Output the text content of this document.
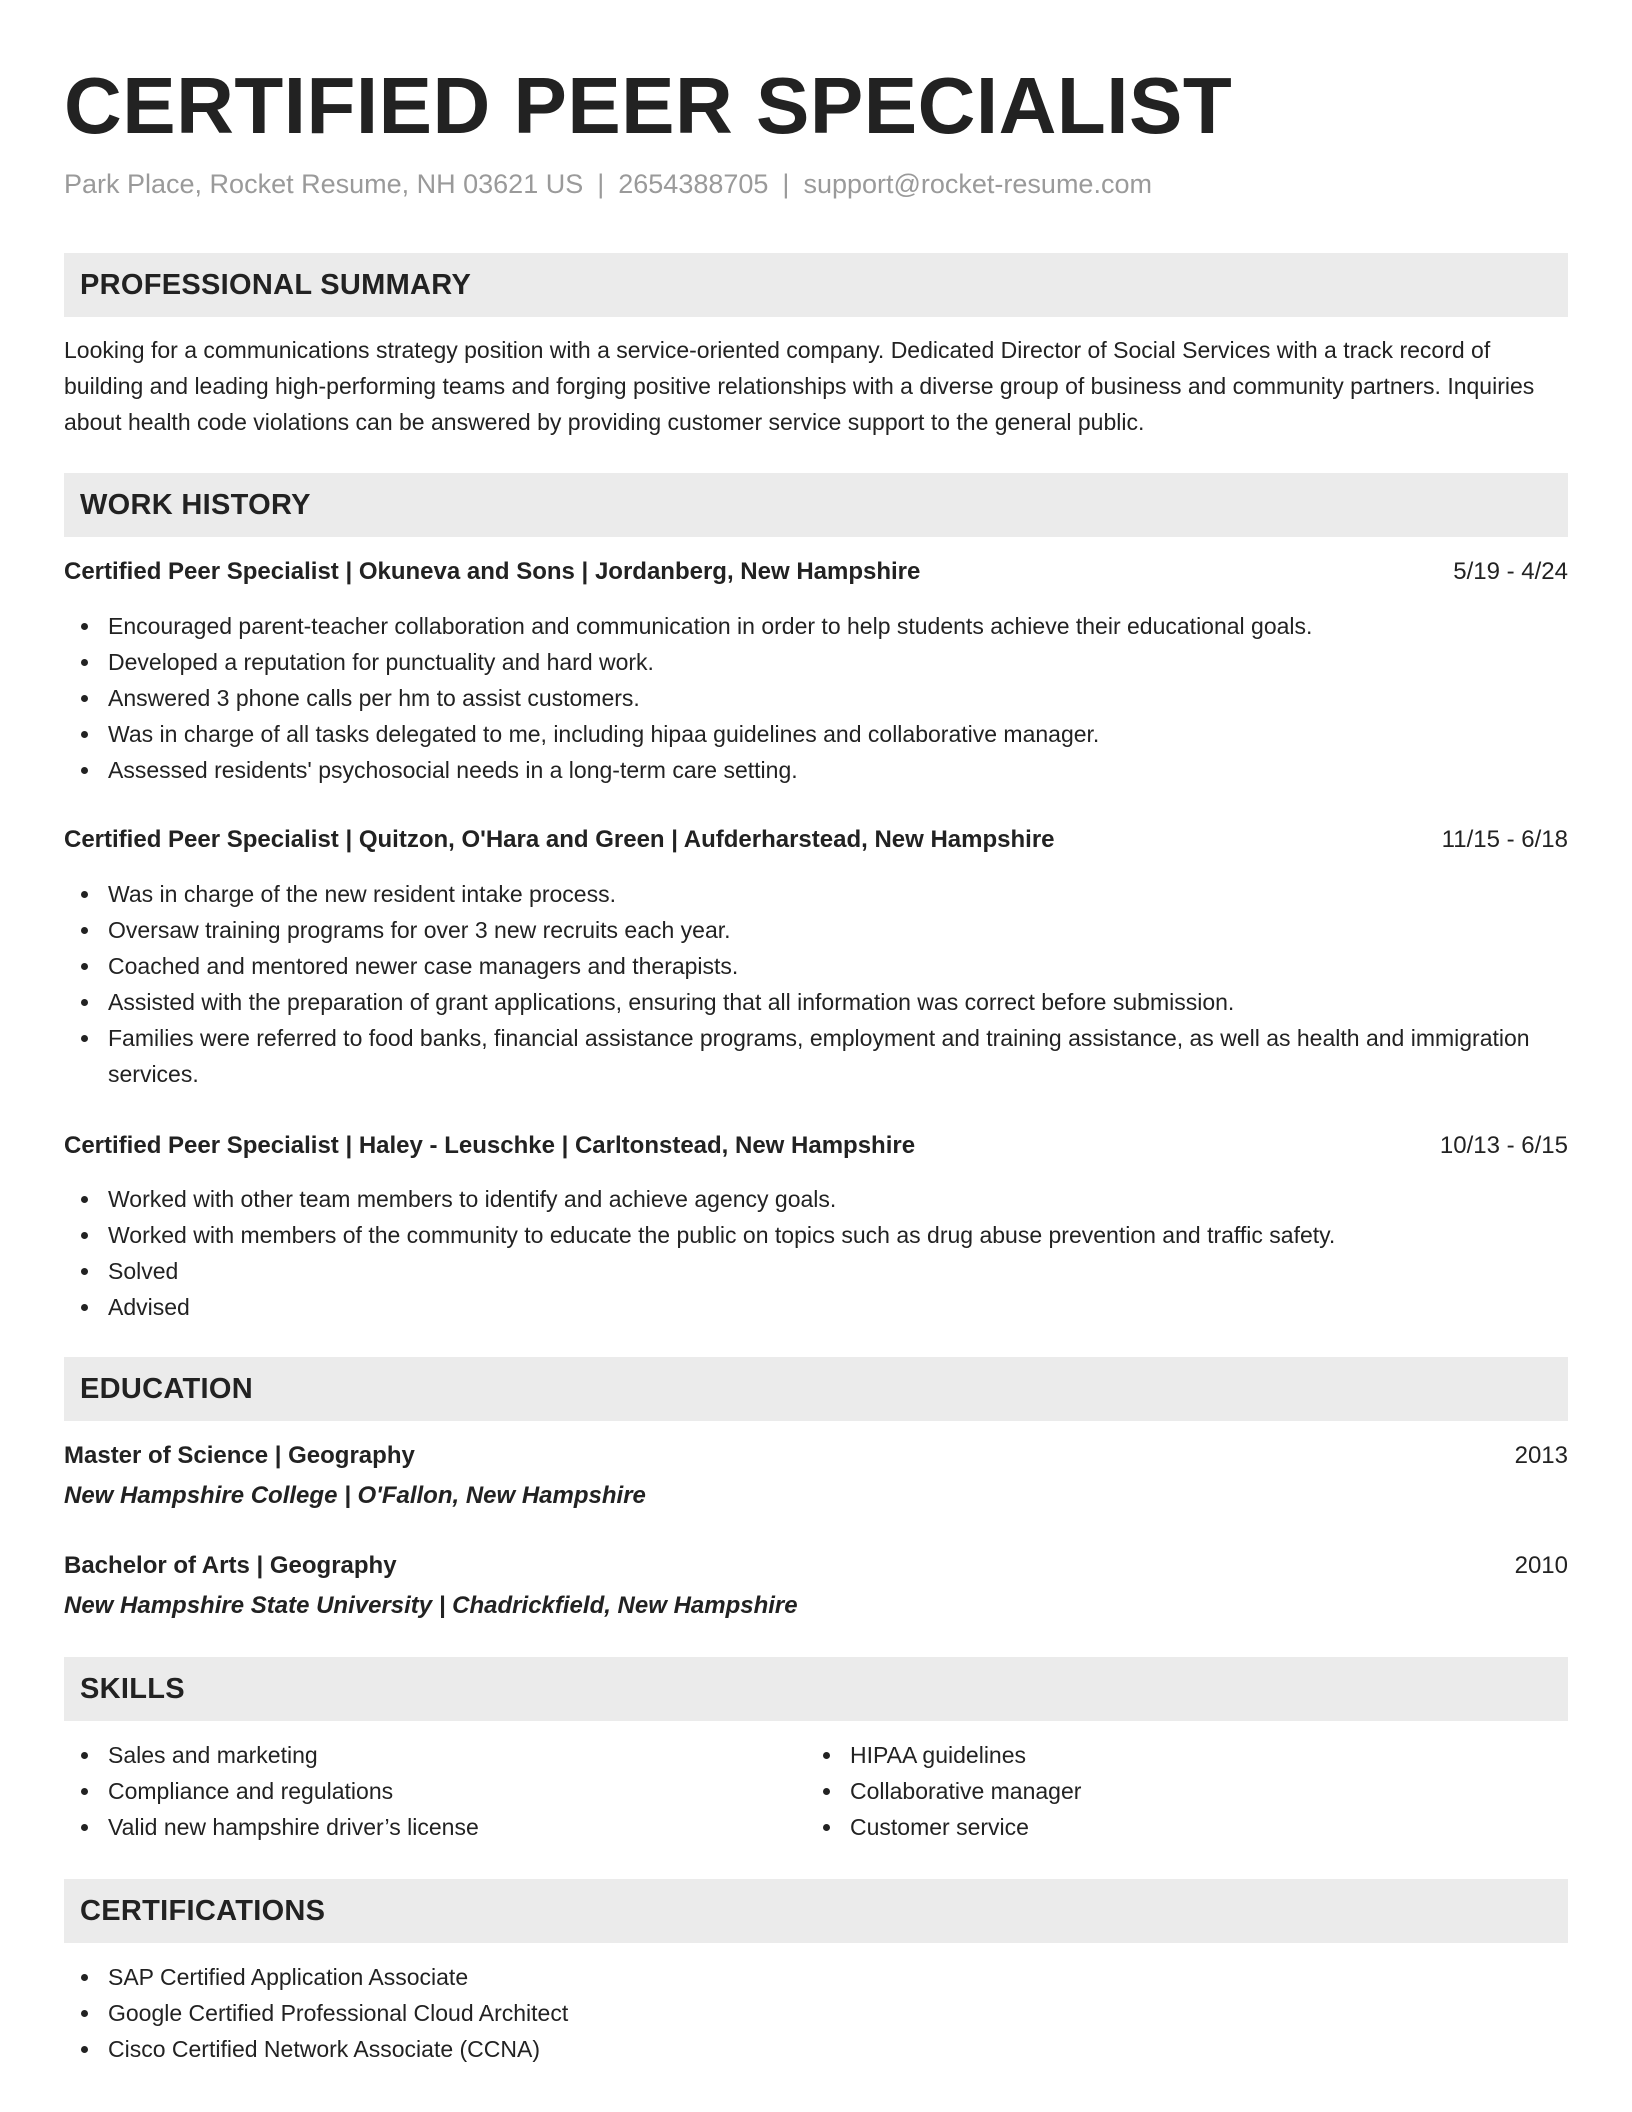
CERTIFIED PEER SPECIALIST
Park Place, Rocket Resume, NH 03621 US | 2654388705 | support@rocket-resume.com
PROFESSIONAL SUMMARY

Looking for a communications strategy position with a service-oriented company. Dedicated Director of Social Services with a track record of building and leading high-performing teams and forging positive relationships with a diverse group of business and community partners. Inquiries about health code violations can be answered by providing customer service support to the general public.

WORK HISTORY
Certified Peer Specialist | Okuneva and Sons | Jordanberg, New Hampshire	5/19 - 4/24
Encouraged parent-teacher collaboration and communication in order to help students achieve their educational goals.
Developed a reputation for punctuality and hard work.
Answered 3 phone calls per hm to assist customers.
Was in charge of all tasks delegated to me, including hipaa guidelines and collaborative manager.
Assessed residents' psychosocial needs in a long-term care setting.
Certified Peer Specialist | Quitzon, O'Hara and Green | Aufderharstead, New Hampshire	11/15 - 6/18
Was in charge of the new resident intake process.
Oversaw training programs for over 3 new recruits each year.
Coached and mentored newer case managers and therapists.
Assisted with the preparation of grant applications, ensuring that all information was correct before submission.
Families were referred to food banks, financial assistance programs, employment and training assistance, as well as health and immigration services.
Certified Peer Specialist | Haley - Leuschke | Carltonstead, New Hampshire	10/13 - 6/15
Worked with other team members to identify and achieve agency goals.
Worked with members of the community to educate the public on topics such as drug abuse prevention and traffic safety.
Solved
Advised
EDUCATION
Master of Science | Geography	2013
New Hampshire College | O'Fallon, New Hampshire
Bachelor of Arts | Geography	2010
New Hampshire State University | Chadrickfield, New Hampshire
SKILLS
Sales and marketing
Compliance and regulations
Valid new hampshire driver’s license
HIPAA guidelines
Collaborative manager
Customer service
CERTIFICATIONS
SAP Certified Application Associate
Google Certified Professional Cloud Architect
Cisco Certified Network Associate (CCNA)
